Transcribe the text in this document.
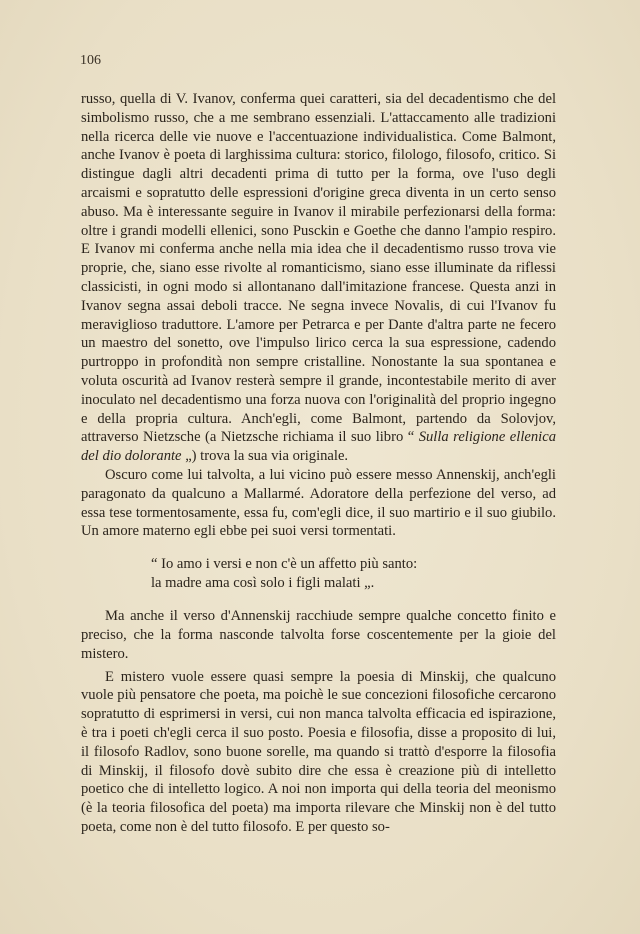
106

russo, quella di V. Ivanov, conferma quei caratteri, sia del decadentismo che del simbolismo russo, che a me sembrano essenziali. L'attaccamento alle tradizioni nella ricerca delle vie nuove e l'accentuazione individualistica. Come Balmont, anche Ivanov è poeta di larghissima cultura: storico, filologo, filosofo, critico. Si distingue dagli altri decadenti prima di tutto per la forma, ove l'uso degli arcaismi e sopratutto delle espressioni d'origine greca diventa in un certo senso abuso. Ma è interessante seguire in Ivanov il mirabile perfezionarsi della forma: oltre i grandi modelli ellenici, sono Pusckin e Goethe che danno l'ampio respiro. E Ivanov mi conferma anche nella mia idea che il decadentismo russo trova vie proprie, che, siano esse rivolte al romanticismo, siano esse illuminate da riflessi classicisti, in ogni modo si allontanano dall'imitazione francese. Questa anzi in Ivanov segna assai deboli tracce. Ne segna invece Novalis, di cui l'Ivanov fu meraviglioso traduttore. L'amore per Petrarca e per Dante d'altra parte ne fecero un maestro del sonetto, ove l'impulso lirico cerca la sua espressione, cadendo purtroppo in profondità non sempre cristalline. Nonostante la sua spontanea e voluta oscurità ad Ivanov resterà sempre il grande, incontestabile merito di aver inoculato nel decadentismo una forza nuova con l'originalità del proprio ingegno e della propria cultura. Anch'egli, come Balmont, partendo da Solovjov, attraverso Nietzsche (a Nietzsche richiama il suo libro “ Sulla religione ellenica del dio dolorante „) trova la sua via originale.

Oscuro come lui talvolta, a lui vicino può essere messo Annenskij, anch'egli paragonato da qualcuno a Mallarmé. Adoratore della perfezione del verso, ad essa tese tormentosamente, essa fu, com'egli dice, il suo martirio e il suo giubilo. Un amore materno egli ebbe pei suoi versi tormentati.

“ Io amo i versi e non c'è un affetto più santo:

la madre ama così solo i figli malati „.

Ma anche il verso d'Annenskij racchiude sempre qualche concetto finito e preciso, che la forma nasconde talvolta forse coscentemente per la gioie del mistero.

E mistero vuole essere quasi sempre la poesia di Minskij, che qualcuno vuole più pensatore che poeta, ma poichè le sue concezioni filosofiche cercarono sopratutto di esprimersi in versi, cui non manca talvolta efficacia ed ispirazione, è tra i poeti ch'egli cerca il suo posto. Poesia e filosofia, disse a proposito di lui, il filosofo Radlov, sono buone sorelle, ma quando si trattò d'esporre la filosofia di Minskij, il filosofo dovè subito dire che essa è creazione più di intelletto poetico che di intelletto logico. A noi non importa qui della teoria del meonismo (è la teoria filosofica del poeta) ma importa rilevare che Minskij non è del tutto poeta, come non è del tutto filosofo. E per questo so-
